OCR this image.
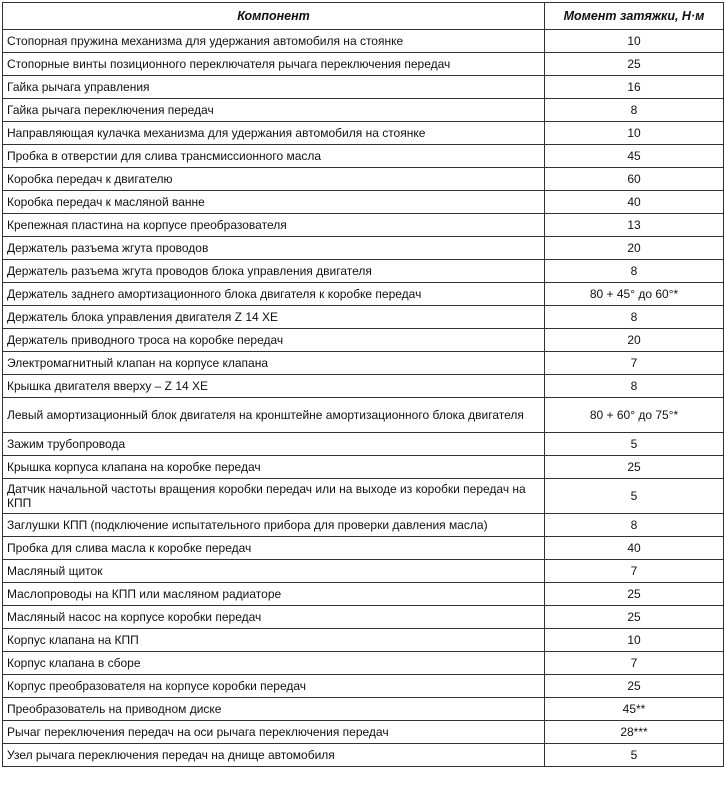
Компонент	Момент затяжки, Н·м
Стопорная пружина механизма для удержания автомобиля на стоянке	10
Стопорные винты позиционного переключателя рычага переключения передач	25
Гайка рычага управления	16
Гайка рычага переключения передач	8
Направляющая кулачка механизма для удержания автомобиля на стоянке	10
Пробка в отверстии для слива трансмиссионного масла	45
Коробка передач к двигателю	60
Коробка передач к масляной ванне	40
Крепежная пластина на корпусе преобразователя	13
Держатель разъема жгута проводов	20
Держатель разъема жгута проводов блока управления двигателя	8
Держатель заднего амортизационного блока двигателя к коробке передач	80 + 45° до 60°*
Держатель блока управления двигателя Z 14 XE	8
Держатель приводного троса на коробке передач	20
Электромагнитный клапан на корпусе клапана	7
Крышка двигателя вверху – Z 14 XE	8
Левый амортизационный блок двигателя на кронштейне амортизационного блока двигателя	80 + 60° до 75°*
Зажим трубопровода	5
Крышка корпуса клапана на коробке передач	25
Датчик начальной частоты вращения коробки передач или на выходе из коробки передач на КПП	5
Заглушки КПП (подключение испытательного прибора для проверки давления масла)	8
Пробка для слива масла к коробке передач	40
Масляный щиток	7
Маслопроводы на КПП или масляном радиаторе	25
Масляный насос на корпусе коробки передач	25
Корпус клапана на КПП	10
Корпус клапана в сборе	7
Корпус преобразователя на корпусе коробки передач	25
Преобразователь на приводном диске	45**
Рычаг переключения передач на оси рычага переключения передач	28***
Узел рычага переключения передач на днище автомобиля	5
